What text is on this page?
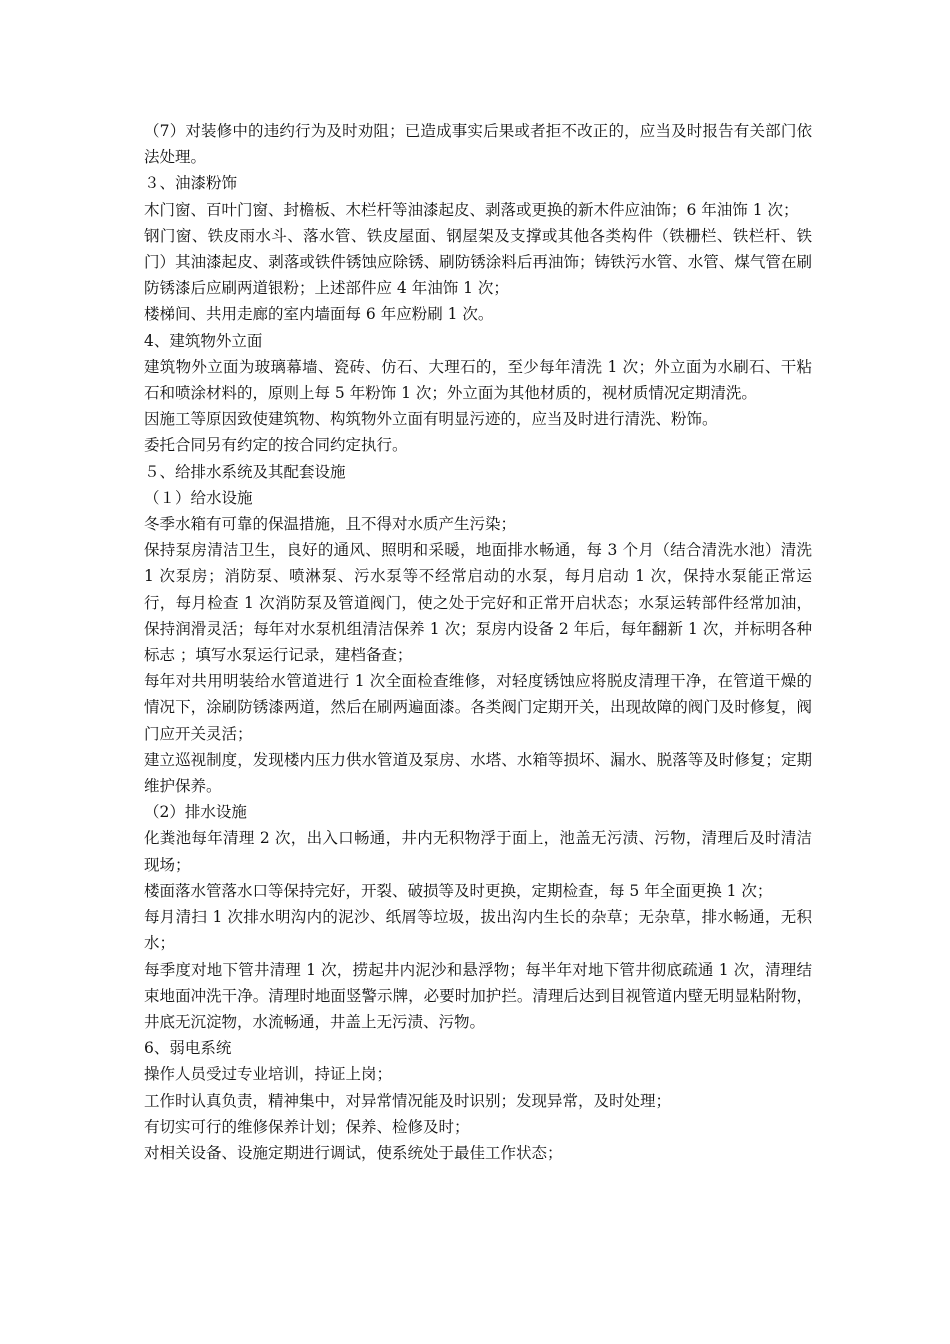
（7）对装修中的违约行为及时劝阻；已造成事实后果或者拒不改正的，应当及时报告有关部门依法处理。

３、油漆粉饰

木门窗、百叶门窗、封檐板、木栏杆等油漆起皮、剥落或更换的新木件应油饰；6 年油饰 1 次；

钢门窗、铁皮雨水斗、落水管、铁皮屋面、钢屋架及支撑或其他各类构件（铁栅栏、铁栏杆、铁门）其油漆起皮、剥落或铁件锈蚀应除锈、刷防锈涂料后再油饰；铸铁污水管、水管、煤气管在刷防锈漆后应刷两道银粉；上述部件应 4 年油饰 1 次；

楼梯间、共用走廊的室内墙面每 6 年应粉刷 1 次。

4、建筑物外立面

建筑物外立面为玻璃幕墙、瓷砖、仿石、大理石的，至少每年清洗 1 次；外立面为水刷石、干粘石和喷涂材料的，原则上每 5 年粉饰 1 次；外立面为其他材质的，视材质情况定期清洗。

因施工等原因致使建筑物、构筑物外立面有明显污迹的，应当及时进行清洗、粉饰。

委托合同另有约定的按合同约定执行。

５、给排水系统及其配套设施

（１）给水设施

冬季水箱有可靠的保温措施，且不得对水质产生污染；

保持泵房清洁卫生，良好的通风、照明和采暖，地面排水畅通，每 3 个月（结合清洗水池）清洗 1 次泵房；消防泵、喷淋泵、污水泵等不经常启动的水泵，每月启动 1 次，保持水泵能正常运行，每月检查 1 次消防泵及管道阀门，使之处于完好和正常开启状态；水泵运转部件经常加油，保持润滑灵活；每年对水泵机组清洁保养 1 次；泵房内设备 2 年后，每年翻新 1 次，并标明各种标志 ；填写水泵运行记录，建档备查；

每年对共用明装给水管道进行 1 次全面检查维修，对轻度锈蚀应将脱皮清理干净，在管道干燥的情况下，涂刷防锈漆两道，然后在刷两遍面漆。各类阀门定期开关，出现故障的阀门及时修复，阀门应开关灵活；

建立巡视制度，发现楼内压力供水管道及泵房、水塔、水箱等损坏、漏水、脱落等及时修复；定期维护保养。

（2）排水设施

化粪池每年清理 2 次，出入口畅通，井内无积物浮于面上，池盖无污渍、污物，清理后及时清洁现场；

楼面落水管落水口等保持完好，开裂、破损等及时更换，定期检查，每 5 年全面更换 1 次；

每月清扫 1 次排水明沟内的泥沙、纸屑等垃圾，拔出沟内生长的杂草；无杂草，排水畅通，无积水；

每季度对地下管井清理 1 次，捞起井内泥沙和悬浮物；每半年对地下管井彻底疏通 1 次，清理结束地面冲洗干净。清理时地面竖警示牌，必要时加护拦。清理后达到目视管道内壁无明显粘附物，井底无沉淀物，水流畅通，井盖上无污渍、污物。

6、弱电系统

操作人员受过专业培训，持证上岗；

工作时认真负责，精神集中，对异常情况能及时识别；发现异常，及时处理；

有切实可行的维修保养计划；保养、检修及时；

对相关设备、设施定期进行调试，使系统处于最佳工作状态；
